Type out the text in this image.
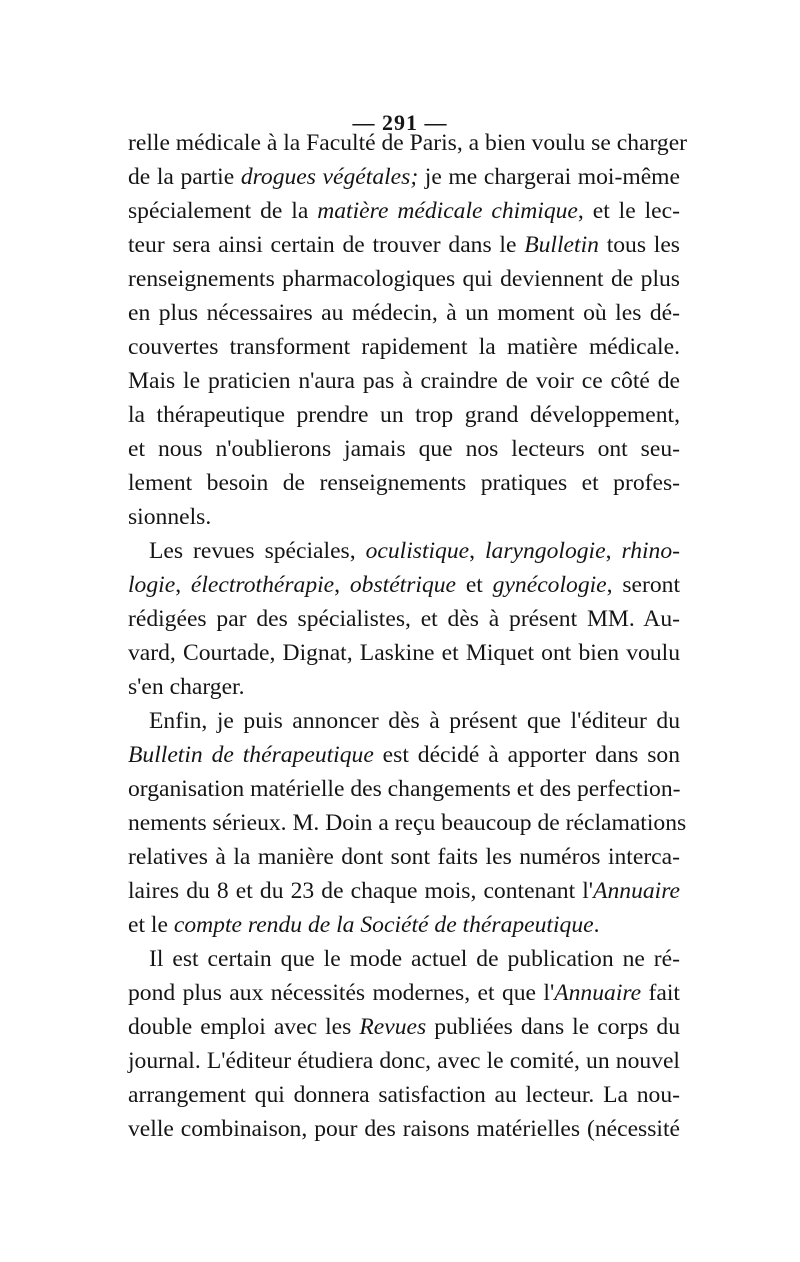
— 291 —
relle médicale à la Faculté de Paris, a bien voulu se charger
de la partie drogues végétales; je me chargerai moi-même
spécialement de la matière médicale chimique, et le lec-
teur sera ainsi certain de trouver dans le Bulletin tous les
renseignements pharmacologiques qui deviennent de plus
en plus nécessaires au médecin, à un moment où les dé-
couvertes transforment rapidement la matière médicale.
Mais le praticien n'aura pas à craindre de voir ce côté de
la thérapeutique prendre un trop grand développement,
et nous n'oublierons jamais que nos lecteurs ont seu-
lement besoin de renseignements pratiques et profes-
sionnels.
Les revues spéciales, oculistique, laryngologie, rhino-
logie, électrothérapie, obstétrique et gynécologie, seront
rédigées par des spécialistes, et dès à présent MM. Au-
vard, Courtade, Dignat, Laskine et Miquet ont bien voulu
s'en charger.
Enfin, je puis annoncer dès à présent que l'éditeur du
Bulletin de thérapeutique est décidé à apporter dans son
organisation matérielle des changements et des perfection-
nements sérieux. M. Doin a reçu beaucoup de réclamations
relatives à la manière dont sont faits les numéros interca-
laires du 8 et du 23 de chaque mois, contenant l'Annuaire
et le compte rendu de la Société de thérapeutique.
Il est certain que le mode actuel de publication ne ré-
pond plus aux nécessités modernes, et que l'Annuaire fait
double emploi avec les Revues publiées dans le corps du
journal. L'éditeur étudiera donc, avec le comité, un nouvel
arrangement qui donnera satisfaction au lecteur. La nou-
velle combinaison, pour des raisons matérielles (nécessité
